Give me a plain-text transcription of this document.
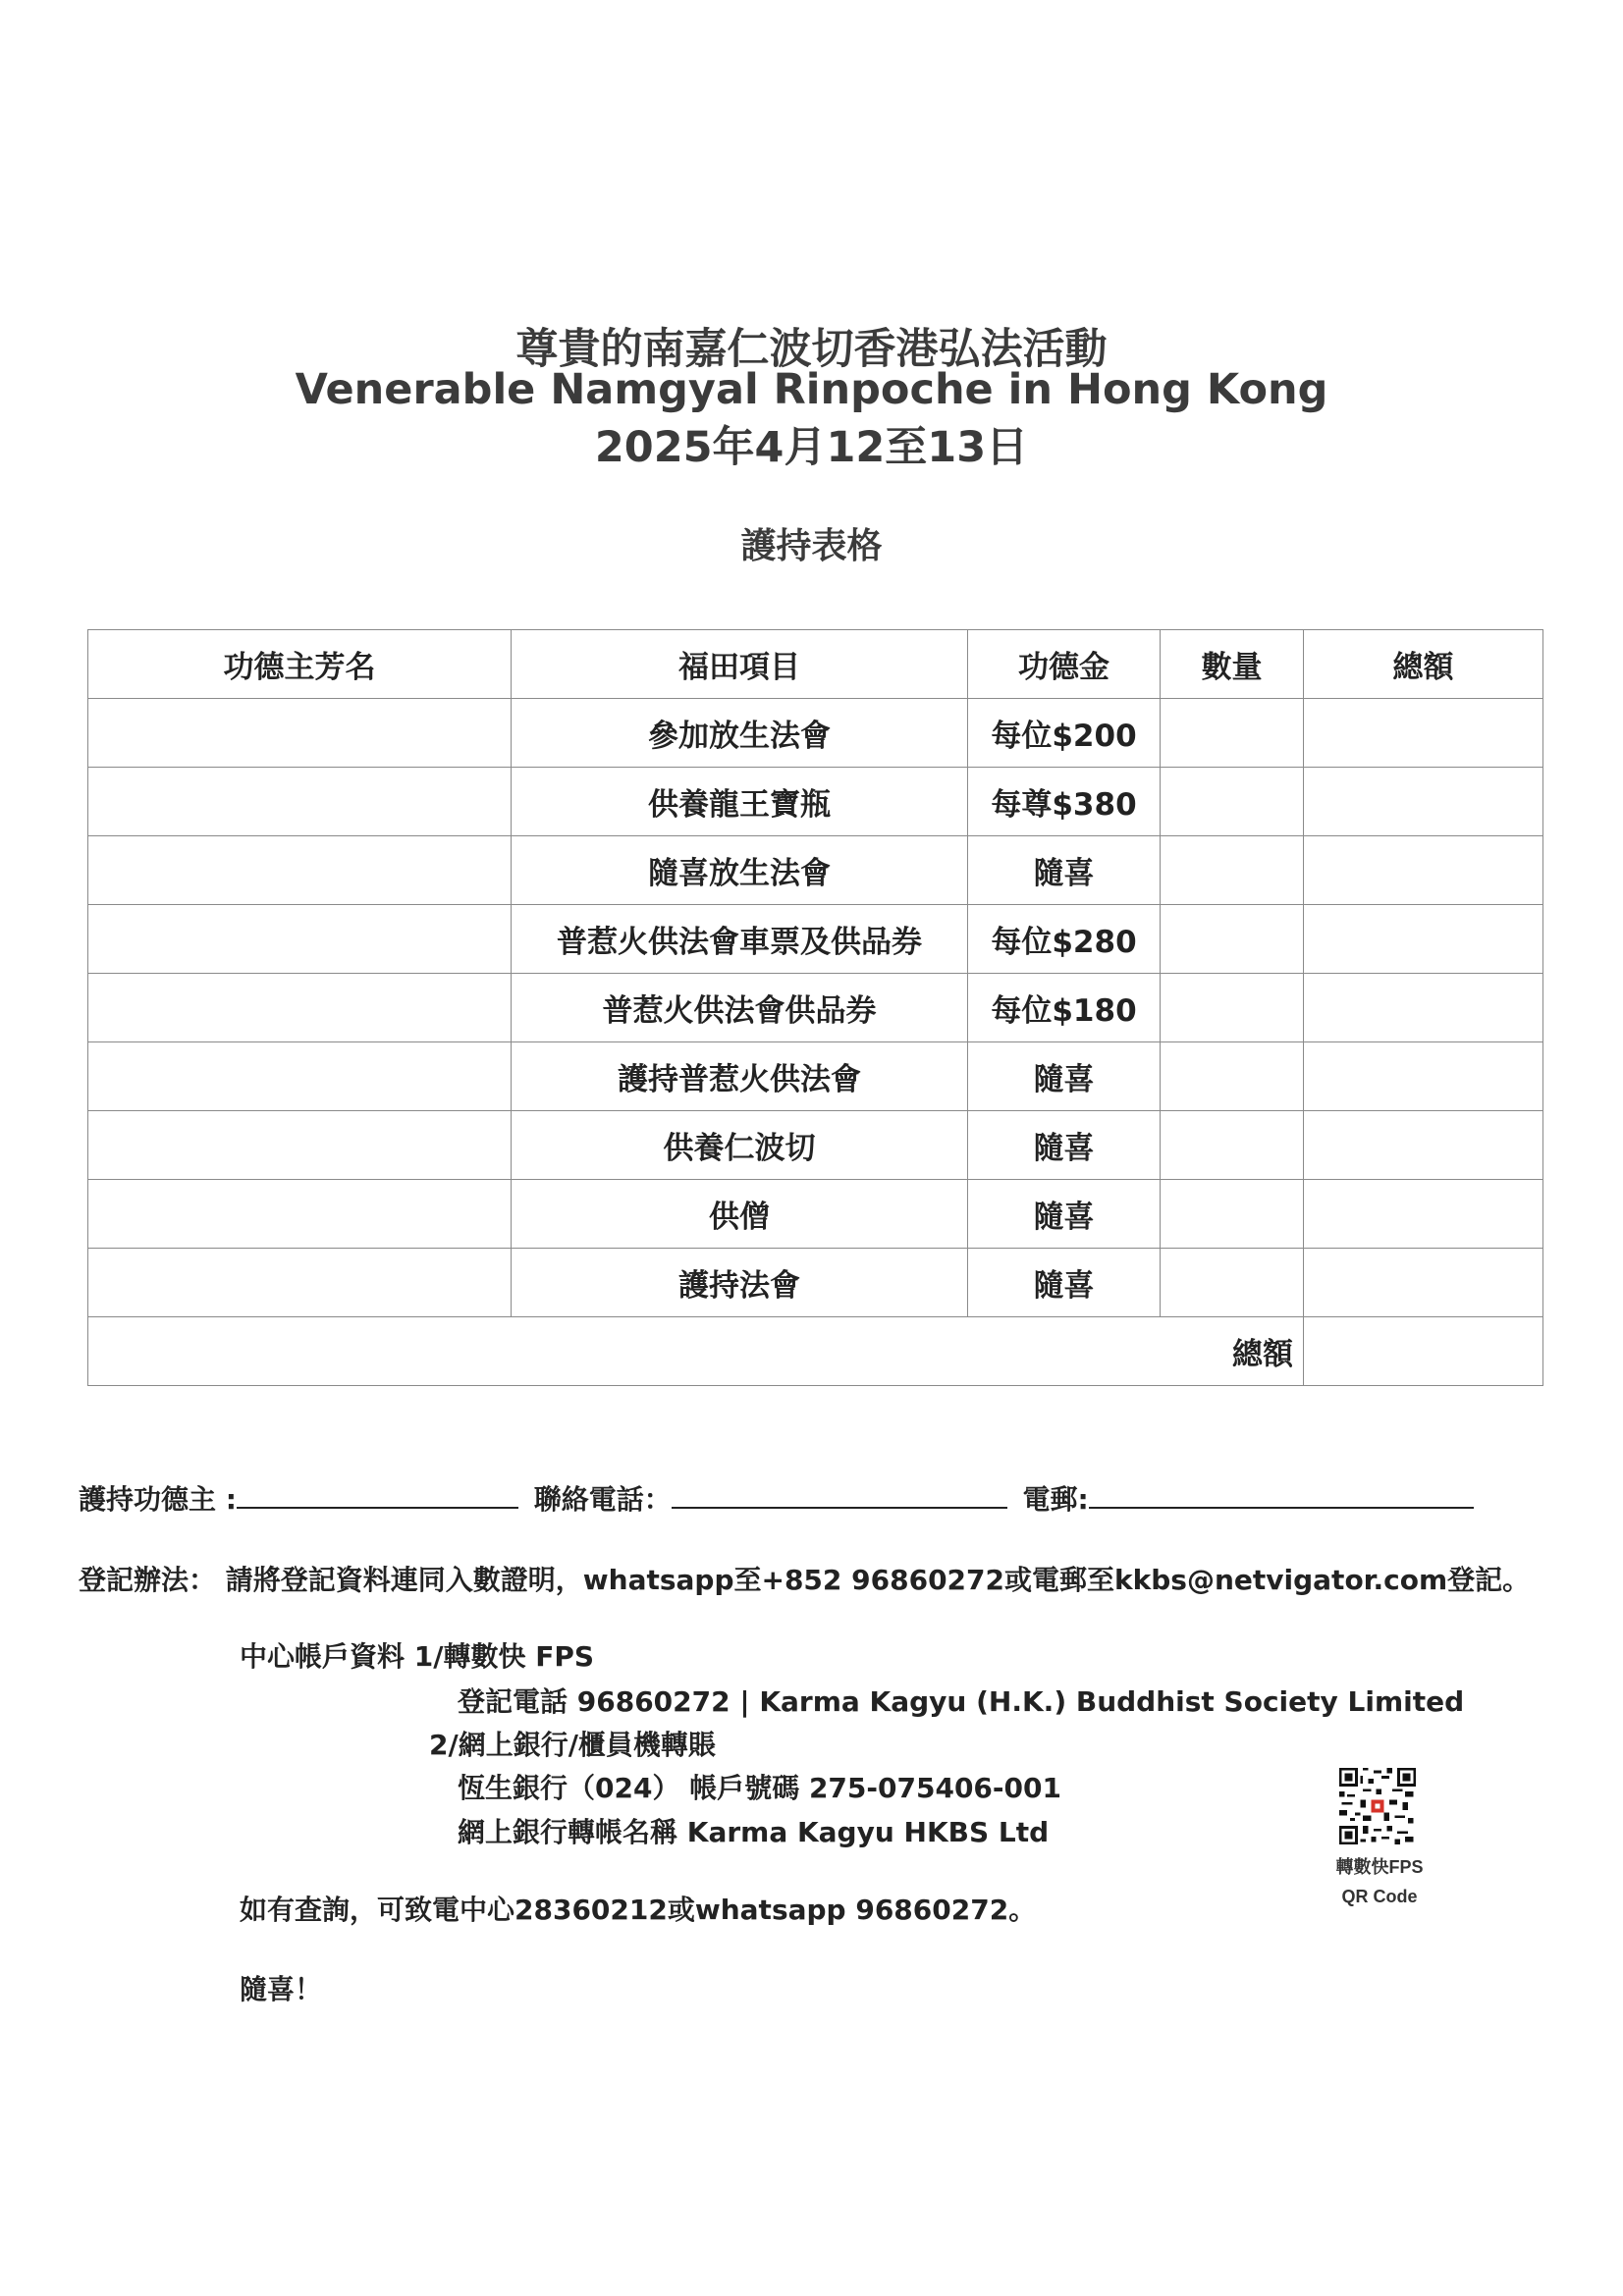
尊貴的南嘉仁波切香港弘法活動
Venerable Namgyal Rinpoche in Hong Kong
2025年4月12至13日
護持表格
功德主芳名	福田項目	功德金	數量	總額
	參加放生法會	每位$200		
	供養龍王寶瓶	每尊$380		
	隨喜放生法會	隨喜		
	普惹火供法會車票及供品券	每位$280		
	普惹火供法會供品券	每位$180		
	護持普惹火供法會	隨喜		
	供養仁波切	隨喜		
	供僧	隨喜		
	護持法會	隨喜		
總額				
護持功德主 :	聯絡電話：	電郵:
登記辦法： 請將登記資料連同入數證明，whatsapp至+852 96860272或電郵至kkbs@netvigator.com登記。
中心帳戶資料 1/轉數快 FPS
登記電話 96860272 | Karma Kagyu (H.K.) Buddhist Society Limited
2/網上銀行/櫃員機轉賬
恆生銀行（024） 帳戶號碼 275-075406-001
網上銀行轉帳名稱 Karma Kagyu HKBS Ltd
轉數快FPS
QR Code
如有查詢，可致電中心28360212或whatsapp 96860272。
隨喜！
